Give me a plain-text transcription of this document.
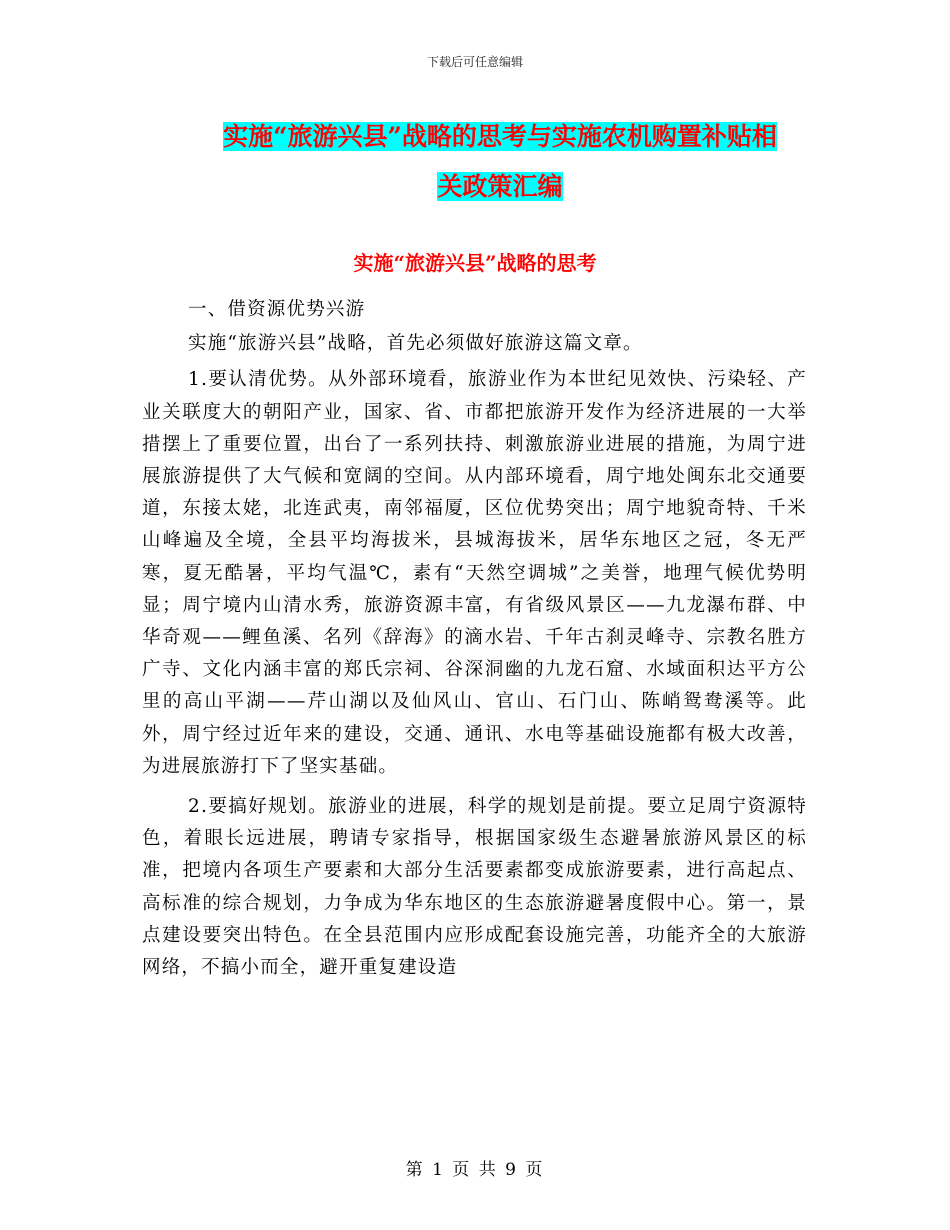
下载后可任意编辑
实施“旅游兴县”战略的思考与实施农机购置补贴相
关政策汇编
实施“旅游兴县”战略的思考

一、借资源优势兴游

实施“旅游兴县”战略，首先必须做好旅游这篇文章。

1.要认清优势。从外部环境看，旅游业作为本世纪见效快、污染轻、产业关联度大的朝阳产业，国家、省、市都把旅游开发作为经济进展的一大举措摆上了重要位置，出台了一系列扶持、刺激旅游业进展的措施，为周宁进展旅游提供了大气候和宽阔的空间。从内部环境看，周宁地处闽东北交通要道，东接太姥，北连武夷，南邻福厦，区位优势突出；周宁地貌奇特、千米山峰遍及全境，全县平均海拔米，县城海拔米，居华东地区之冠，冬无严寒，夏无酷暑，平均气温℃，素有“天然空调城”之美誉，地理气候优势明显；周宁境内山清水秀，旅游资源丰富，有省级风景区——九龙瀑布群、中华奇观——鲤鱼溪、名列《辞海》的滴水岩、千年古刹灵峰寺、宗教名胜方广寺、文化内涵丰富的郑氏宗祠、谷深洞幽的九龙石窟、水域面积达平方公里的高山平湖——芹山湖以及仙风山、官山、石门山、陈峭鸳鸯溪等。此外，周宁经过近年来的建设，交通、通讯、水电等基础设施都有极大改善，为进展旅游打下了坚实基础。

2.要搞好规划。旅游业的进展，科学的规划是前提。要立足周宁资源特色，着眼长远进展，聘请专家指导，根据国家级生态避暑旅游风景区的标准，把境内各项生产要素和大部分生活要素都变成旅游要素，进行高起点、高标准的综合规划，力争成为华东地区的生态旅游避暑度假中心。第一，景点建设要突出特色。在全县范围内应形成配套设施完善，功能齐全的大旅游网络，不搞小而全，避开重复建设造

第 1 页 共 9 页
